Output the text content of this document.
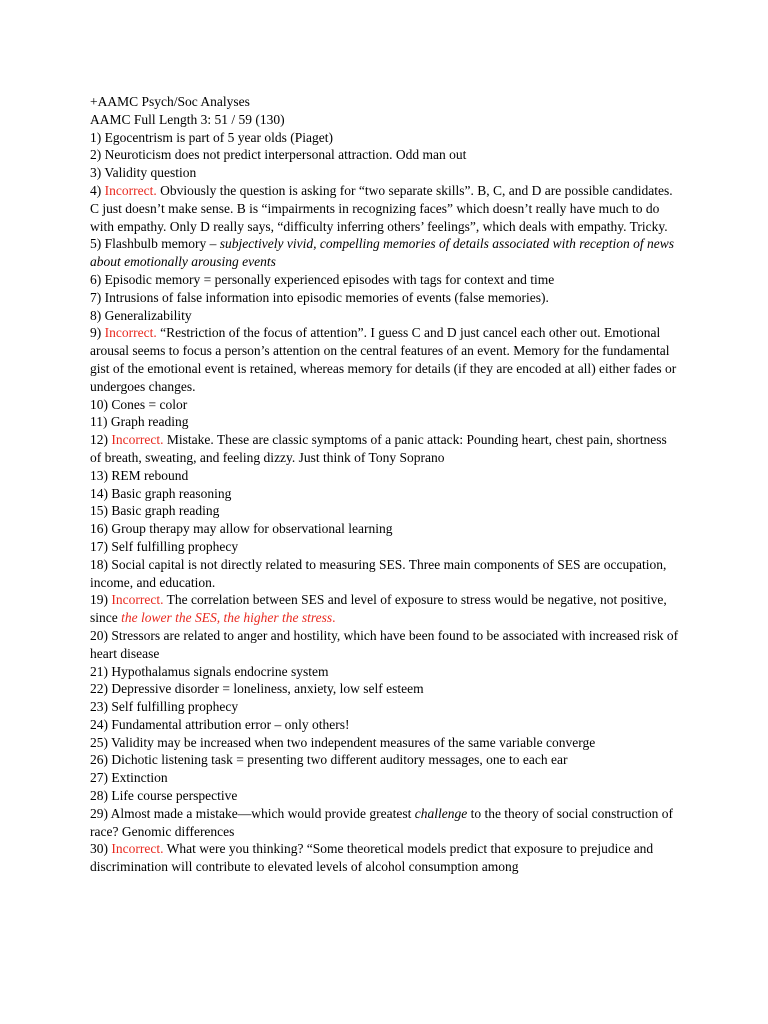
+AAMC Psych/Soc Analyses

AAMC Full Length 3: 51 / 59 (130)

1) Egocentrism is part of 5 year olds (Piaget)

2) Neuroticism does not predict interpersonal attraction. Odd man out

3) Validity question

4) Incorrect. Obviously the question is asking for “two separate skills”. B, C, and D are possible candidates. C just doesn’t make sense. B is “impairments in recognizing faces” which doesn’t really have much to do with empathy. Only D really says, “difficulty inferring others’ feelings”, which deals with empathy. Tricky.

5) Flashbulb memory – subjectively vivid, compelling memories of details associated with reception of news about emotionally arousing events

6) Episodic memory = personally experienced episodes with tags for context and time

7) Intrusions of false information into episodic memories of events (false memories).

8) Generalizability

9) Incorrect. “Restriction of the focus of attention”. I guess C and D just cancel each other out. Emotional arousal seems to focus a person’s attention on the central features of an event. Memory for the fundamental gist of the emotional event is retained, whereas memory for details (if they are encoded at all) either fades or undergoes changes.

10) Cones = color

11) Graph reading

12) Incorrect. Mistake. These are classic symptoms of a panic attack: Pounding heart, chest pain, shortness of breath, sweating, and feeling dizzy. Just think of Tony Soprano

13) REM rebound

14) Basic graph reasoning

15) Basic graph reading

16) Group therapy may allow for observational learning

17) Self fulfilling prophecy

18) Social capital is not directly related to measuring SES. Three main components of SES are occupation, income, and education.

19) Incorrect. The correlation between SES and level of exposure to stress would be negative, not positive, since the lower the SES, the higher the stress.

20) Stressors are related to anger and hostility, which have been found to be associated with increased risk of heart disease

21) Hypothalamus signals endocrine system

22) Depressive disorder = loneliness, anxiety, low self esteem

23) Self fulfilling prophecy

24) Fundamental attribution error – only others!

25) Validity may be increased when two independent measures of the same variable converge

26) Dichotic listening task = presenting two different auditory messages, one to each ear

27) Extinction

28) Life course perspective

29) Almost made a mistake—which would provide greatest challenge to the theory of social construction of race? Genomic differences

30) Incorrect. What were you thinking? “Some theoretical models predict that exposure to prejudice and discrimination will contribute to elevated levels of alcohol consumption among
